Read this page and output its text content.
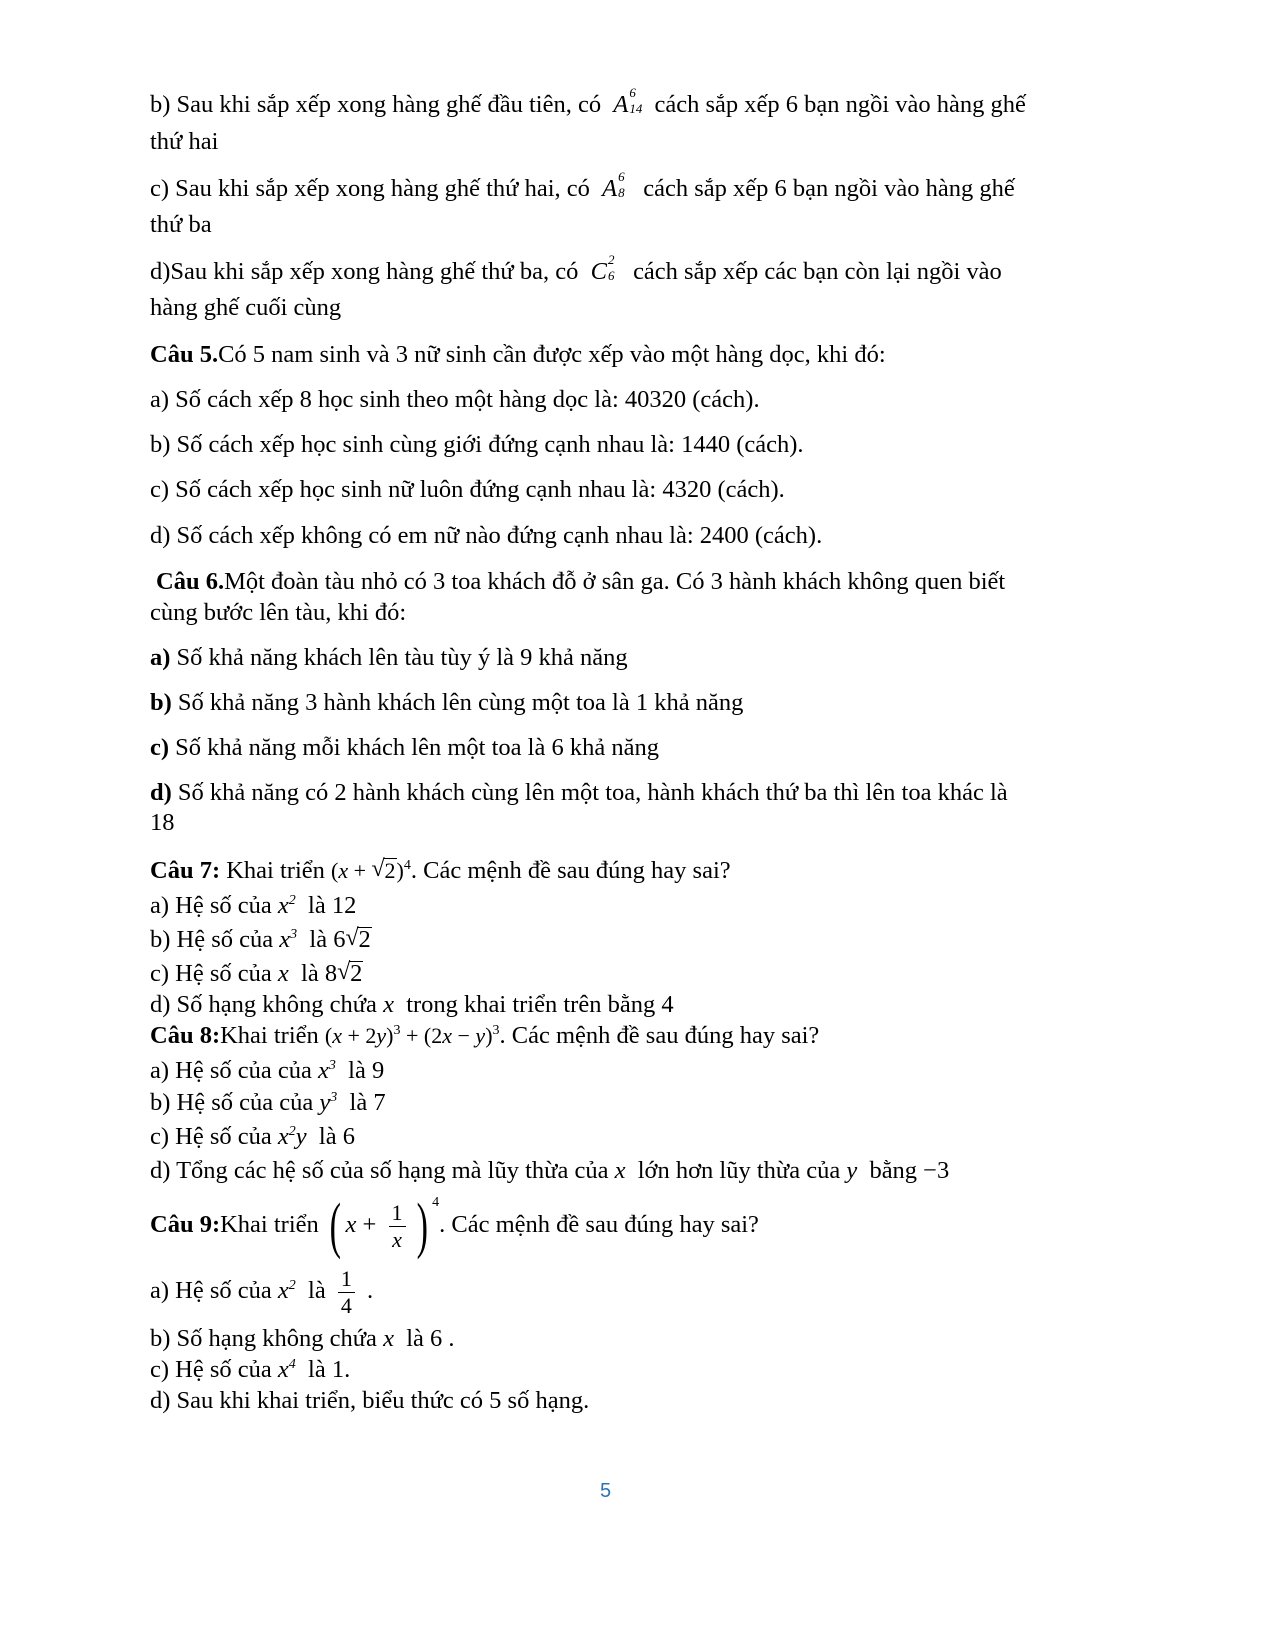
b) Sau khi sắp xếp xong hàng ghế đầu tiên, có  A 6
14 cách sắp xếp 6 bạn ngồi vào hàng ghế
thứ hai
c) Sau khi sắp xếp xong hàng ghế thứ hai, có  A 6
8 cách sắp xếp 6 bạn ngồi vào hàng ghế
thứ ba
d)Sau khi sắp xếp xong hàng ghế thứ ba, có  C 2
6 cách sắp xếp các bạn còn lại ngồi vào
hàng ghế cuối cùng
Câu 5.Có 5 nam sinh và 3 nữ sinh cần được xếp vào một hàng dọc, khi đó:
a) Số cách xếp 8 học sinh theo một hàng dọc là: 40320 (cách).
b) Số cách xếp học sinh cùng giới đứng cạnh nhau là: 1440 (cách).
c) Số cách xếp học sinh nữ luôn đứng cạnh nhau là: 4320 (cách).
d) Số cách xếp không có em nữ nào đứng cạnh nhau là: 2400 (cách).
Câu 6.Một đoàn tàu nhỏ có 3 toa khách đỗ ở sân ga. Có 3 hành khách không quen biết
cùng bước lên tàu, khi đó:
a) Số khả năng khách lên tàu tùy ý là 9 khả năng
b) Số khả năng 3 hành khách lên cùng một toa là 1 khả năng
c) Số khả năng mỗi khách lên một toa là 6 khả năng
d) Số khả năng có 2 hành khách cùng lên một toa, hành khách thứ ba thì lên toa khác là
18
Câu 7: Khai triển (x + √ 2)$^4$. Các mệnh đề sau đúng hay sai?
a) Hệ số của $x^2$ là 12
b) Hệ số của $x^3$ là 6 √ 2
c) Hệ số của x là 8 √ 2
d) Số hạng không chứa x trong khai triển trên bằng 4
Câu 8:Khai triển $(x + 2y)^3 + (2x - y)^3$. Các mệnh đề sau đúng hay sai?
a) Hệ số của của $x^3$ là 9
b) Hệ số của của $y^3$ là 7
c) Hệ số của $x^2y$ là 6
d) Tổng các hệ số của số hạng mà lũy thừa của x lớn hơn lũy thừa của y bằng −3
Câu 9:Khai triển ( $x + \frac{1}{x}$ ) $^4$. Các mệnh đề sau đúng hay sai?
a) Hệ số của $x^2$ là $\frac{1}{4}$ .
b) Số hạng không chứa x là 6 .
c) Hệ số của $x^4$ là 1.
d) Sau khi khai triển, biểu thức có 5 số hạng.
5
